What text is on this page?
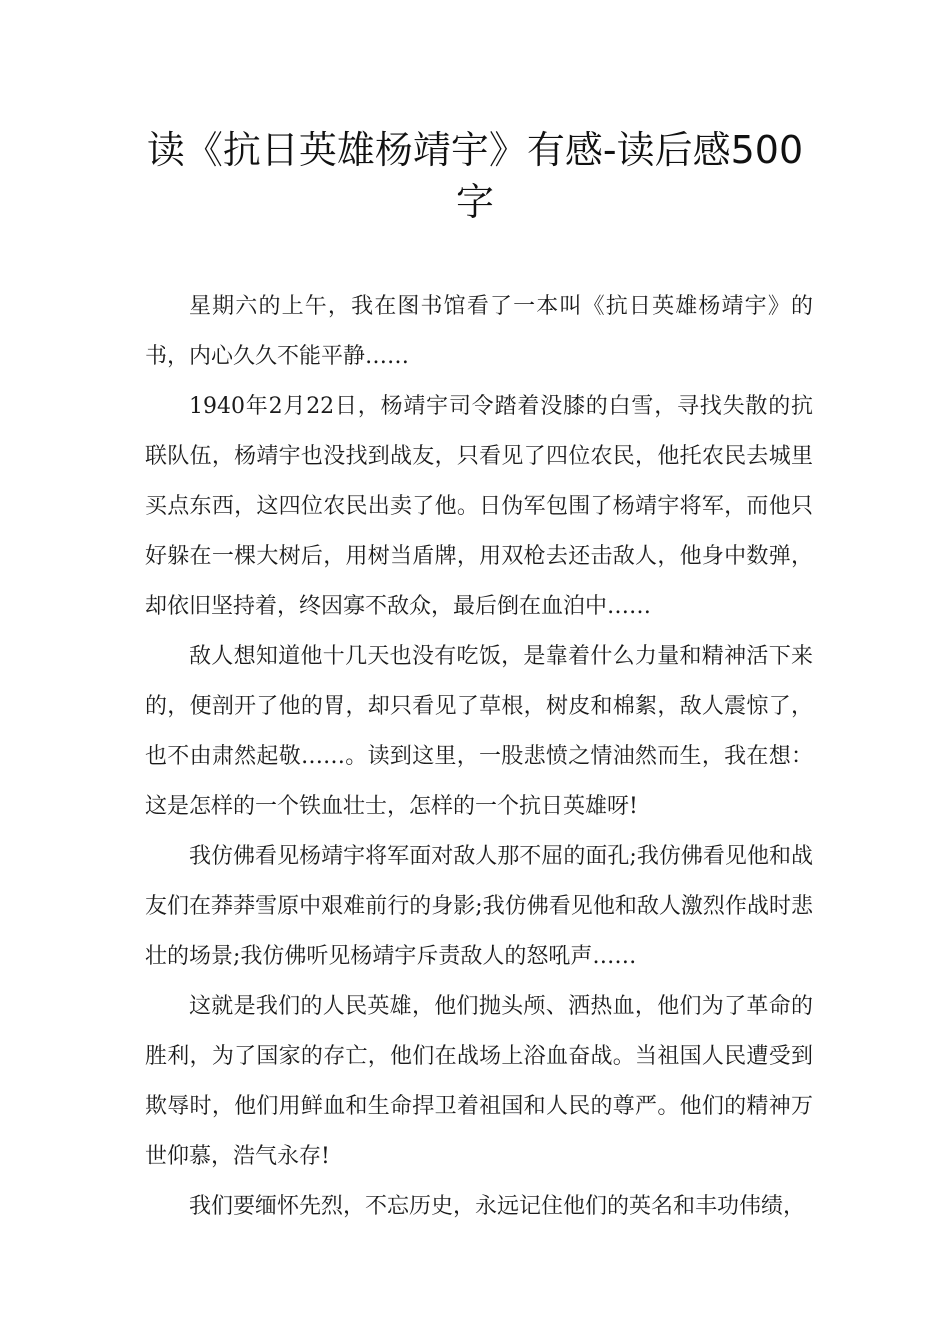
读《抗日英雄杨靖宇》有感-读后感500字

星期六的上午，我在图书馆看了一本叫《抗日英雄杨靖宇》的书，内心久久不能平静……

1940年2月22日，杨靖宇司令踏着没膝的白雪，寻找失散的抗联队伍，杨靖宇也没找到战友，只看见了四位农民，他托农民去城里买点东西，这四位农民出卖了他。日伪军包围了杨靖宇将军，而他只好躲在一棵大树后，用树当盾牌，用双枪去还击敌人，他身中数弹，却依旧坚持着，终因寡不敌众，最后倒在血泊中……

敌人想知道他十几天也没有吃饭，是靠着什么力量和精神活下来的，便剖开了他的胃，却只看见了草根，树皮和棉絮，敌人震惊了，也不由肃然起敬……。读到这里，一股悲愤之情油然而生，我在想：这是怎样的一个铁血壮士，怎样的一个抗日英雄呀!

我仿佛看见杨靖宇将军面对敌人那不屈的面孔;我仿佛看见他和战友们在莽莽雪原中艰难前行的身影;我仿佛看见他和敌人激烈作战时悲壮的场景;我仿佛听见杨靖宇斥责敌人的怒吼声……

这就是我们的人民英雄，他们抛头颅、洒热血，他们为了革命的胜利，为了国家的存亡，他们在战场上浴血奋战。当祖国人民遭受到欺辱时，他们用鲜血和生命捍卫着祖国和人民的尊严。他们的精神万世仰慕，浩气永存!

我们要缅怀先烈，不忘历史，永远记住他们的英名和丰功伟绩，
